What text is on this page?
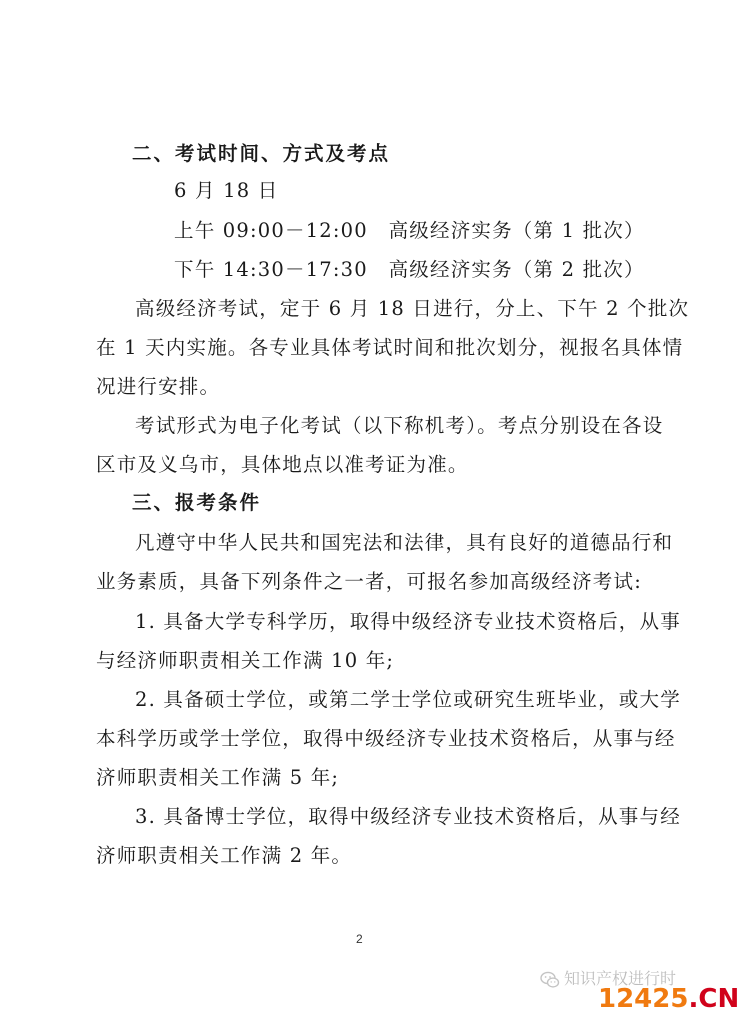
二、考试时间、方式及考点
6 月 18 日
上午 09:00－12:00　高级经济实务（第 1 批次）
下午 14:30－17:30　高级经济实务（第 2 批次）
高级经济考试，定于 6 月 18 日进行，分上、下午 2 个批次
在 1 天内实施。各专业具体考试时间和批次划分，视报名具体情
况进行安排。
考试形式为电子化考试（以下称机考）。考点分别设在各设
区市及义乌市，具体地点以准考证为准。
三、报考条件
凡遵守中华人民共和国宪法和法律，具有良好的道德品行和
业务素质，具备下列条件之一者，可报名参加高级经济考试:
1. 具备大学专科学历，取得中级经济专业技术资格后，从事
与经济师职责相关工作满 10 年;
2. 具备硕士学位，或第二学士学位或研究生班毕业，或大学
本科学历或学士学位，取得中级经济专业技术资格后，从事与经
济师职责相关工作满 5 年;
3. 具备博士学位，取得中级经济专业技术资格后，从事与经
济师职责相关工作满 2 年。
2
知识产权进行时
12425.CN
